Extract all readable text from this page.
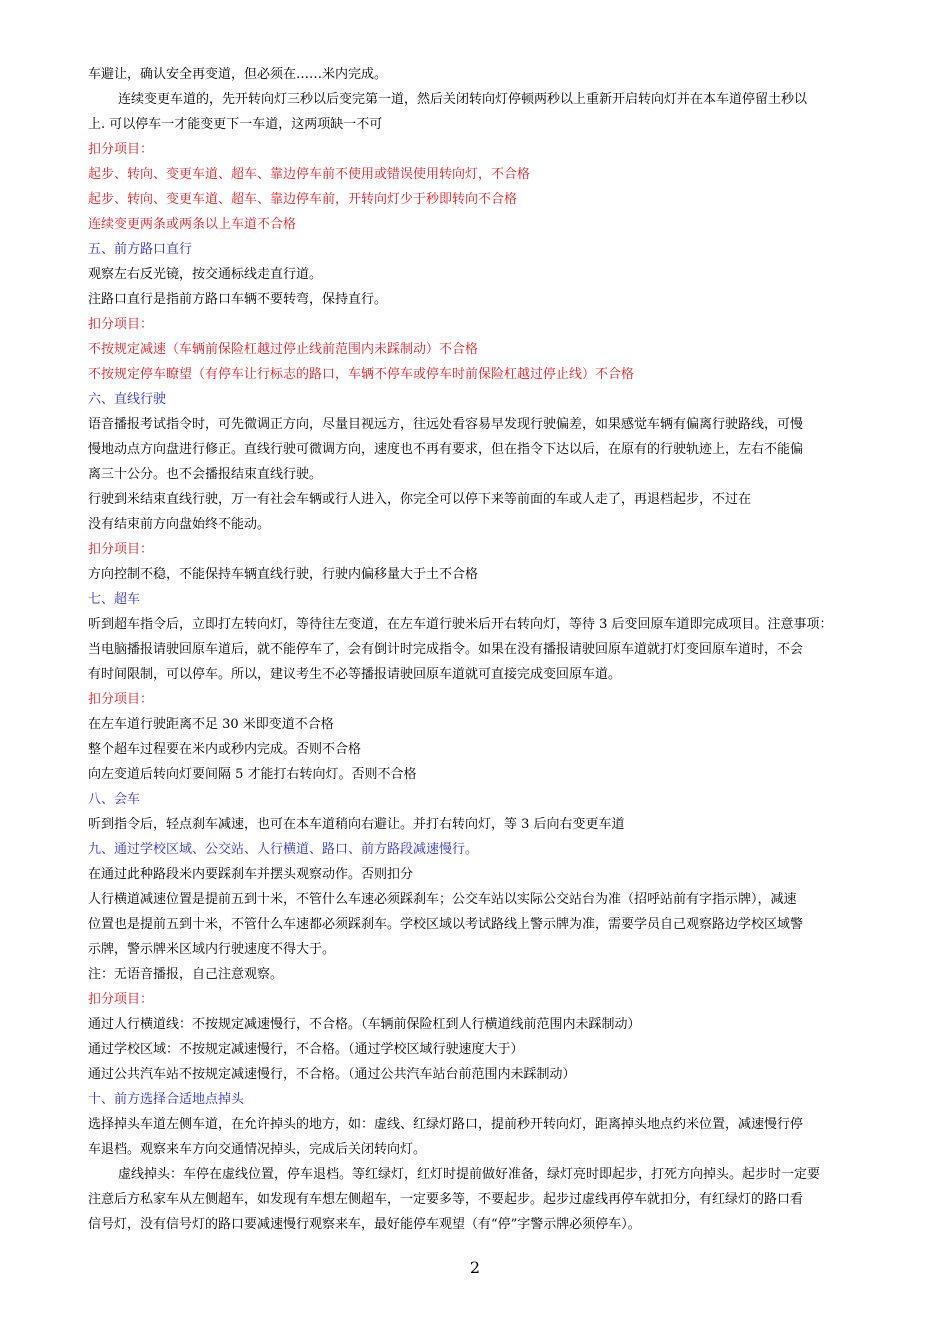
车避让，确认安全再变道，但必须在……米内完成。
连续变更车道的，先开转向灯三秒以后变完第一道，然后关闭转向灯停顿两秒以上重新开启转向灯并在本车道停留土秒以
上. 可以停车一才能变更下一车道，这两项缺一不可
扣分项目：
起步、转向、变更车道、超车、靠边停车前不使用或错误使用转向灯，不合格
起步、转向、变更车道、超车、靠边停车前，开转向灯少于秒即转向不合格
连续变更两条或两条以上车道不合格
五、前方路口直行
观察左右反光镜，按交通标线走直行道。
注路口直行是指前方路口车辆不要转弯，保持直行。
扣分项目：
不按规定减速（车辆前保险杠越过停止线前范围内未踩制动）不合格
不按规定停车瞭望（有停车让行标志的路口，车辆不停车或停车时前保险杠越过停止线）不合格
六、直线行驶
语音播报考试指令时，可先微调正方向，尽量目视远方，往远处看容易早发现行驶偏差，如果感觉车辆有偏离行驶路线，可慢
慢地动点方向盘进行修正。直线行驶可微调方向，速度也不再有要求，但在指令下达以后，在原有的行驶轨迹上，左右不能偏
离三十公分。也不会播报结束直线行驶。
行驶到米结束直线行驶，万一有社会车辆或行人进入，你完全可以停下来等前面的车或人走了，再退档起步，不过在
没有结束前方向盘始终不能动。
扣分项目：
方向控制不稳，不能保持车辆直线行驶，行驶内偏移量大于土不合格
七、超车
听到超车指令后，立即打左转向灯，等待往左变道，在左车道行驶米后开右转向灯，等待 3 后变回原车道即完成项目。注意事项：
当电脑播报请驶回原车道后，就不能停车了，会有倒计时完成指令。如果在没有播报请驶回原车道就打灯变回原车道时，不会
有时间限制，可以停车。所以，建议考生不必等播报请驶回原车道就可直接完成变回原车道。
扣分项目：
在左车道行驶距离不足 30 米即变道不合格
整个超车过程要在米内或秒内完成。否则不合格
向左变道后转向灯要间隔 5 才能打右转向灯。否则不合格
八、会车
听到指令后，轻点刹车减速，也可在本车道稍向右避让。并打右转向灯，等 3 后向右变更车道
九、通过学校区域、公交站、人行横道、路口、前方路段减速慢行。
在通过此种路段米内要踩刹车并摆头观察动作。否则扣分
人行横道减速位置是提前五到十米，不管什么车速必须踩刹车；公交车站以实际公交站台为准（招呼站前有字指示牌），减速
位置也是提前五到十米，不管什么车速都必须踩刹车。学校区域以考试路线上警示牌为准，需要学员自己观察路边学校区域警
示牌，警示牌米区域内行驶速度不得大于。
注：无语音播报，自己注意观察。
扣分项目：
通过人行横道线：不按规定减速慢行，不合格。（车辆前保险杠到人行横道线前范围内未踩制动）
通过学校区域：不按规定减速慢行，不合格。（通过学校区域行驶速度大于）
通过公共汽车站不按规定减速慢行，不合格。（通过公共汽车站台前范围内未踩制动）
十、前方选择合适地点掉头
选择掉头车道左侧车道，在允许掉头的地方，如：虚线、红绿灯路口，提前秒开转向灯，距离掉头地点约米位置，减速慢行停
车退档。观察来车方向交通情况掉头，完成后关闭转向灯。
虚线掉头：车停在虚线位置，停车退档。等红绿灯，红灯时提前做好准备，绿灯亮时即起步，打死方向掉头。起步时一定要
注意后方私家车从左侧超车，如发现有车想左侧超车，一定要多等，不要起步。起步过虚线再停车就扣分，有红绿灯的路口看
信号灯，没有信号灯的路口要减速慢行观察来车，最好能停车观望（有“停”字警示牌必须停车）。
2
